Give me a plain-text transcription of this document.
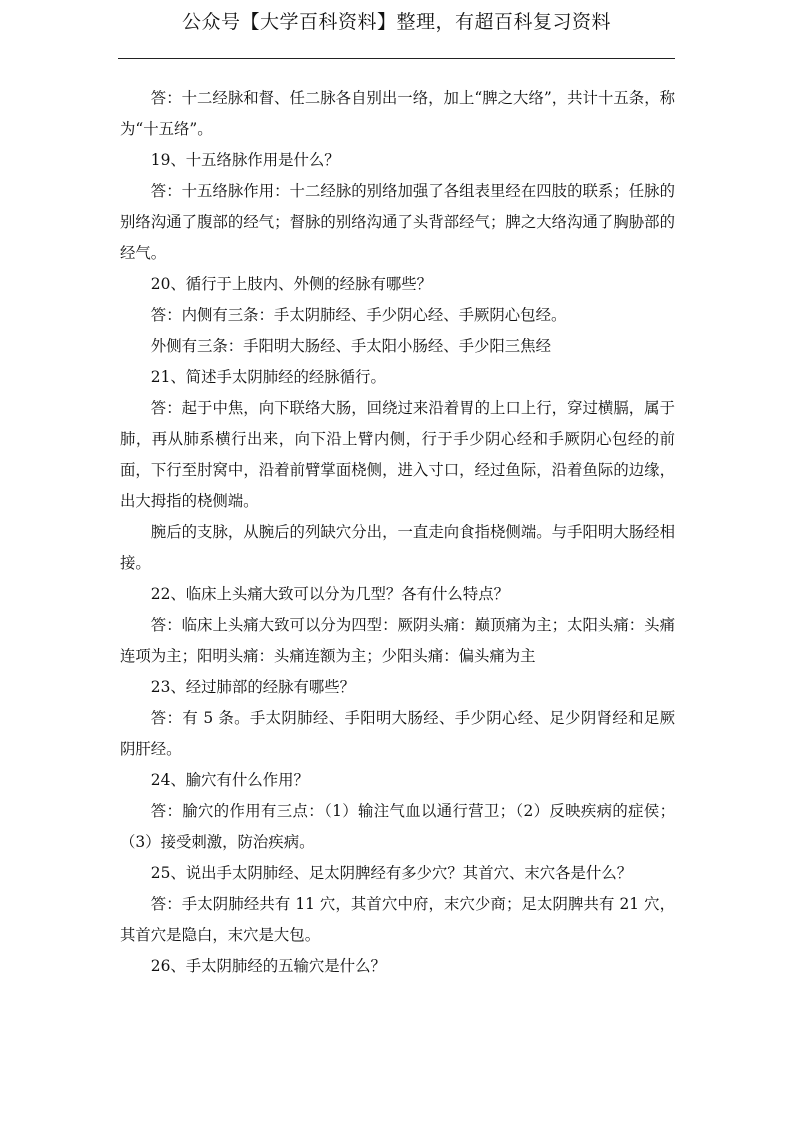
公众号【大学百科资料】整理，有超百科复习资料

答：十二经脉和督、任二脉各自别出一络，加上“脾之大络”，共计十五条，称为“十五络”。

19、十五络脉作用是什么？

答：十五络脉作用：十二经脉的别络加强了各组表里经在四肢的联系；任脉的别络沟通了腹部的经气；督脉的别络沟通了头背部经气；脾之大络沟通了胸胁部的经气。

20、循行于上肢内、外侧的经脉有哪些？

答：内侧有三条：手太阴肺经、手少阴心经、手厥阴心包经。

外侧有三条：手阳明大肠经、手太阳小肠经、手少阳三焦经

21、简述手太阴肺经的经脉循行。

答：起于中焦，向下联络大肠，回绕过来沿着胃的上口上行，穿过横膈，属于肺，再从肺系横行出来，向下沿上臂内侧，行于手少阴心经和手厥阴心包经的前面，下行至肘窝中，沿着前臂掌面桡侧，进入寸口，经过鱼际，沿着鱼际的边缘，出大拇指的桡侧端。

腕后的支脉，从腕后的列缺穴分出，一直走向食指桡侧端。与手阳明大肠经相接。

22、临床上头痛大致可以分为几型？各有什么特点？

答：临床上头痛大致可以分为四型：厥阴头痛：巅顶痛为主；太阳头痛：头痛连项为主；阳明头痛：头痛连额为主；少阳头痛：偏头痛为主

23、经过肺部的经脉有哪些？

答：有 5 条。手太阴肺经、手阳明大肠经、手少阴心经、足少阴肾经和足厥阴肝经。

24、腧穴有什么作用？

答：腧穴的作用有三点：（1）输注气血以通行营卫；（2）反映疾病的症侯；（3）接受刺激，防治疾病。

25、说出手太阴肺经、足太阴脾经有多少穴？其首穴、末穴各是什么？

答：手太阴肺经共有 11 穴，其首穴中府，末穴少商；足太阴脾共有 21 穴，其首穴是隐白，末穴是大包。

26、手太阴肺经的五输穴是什么？
